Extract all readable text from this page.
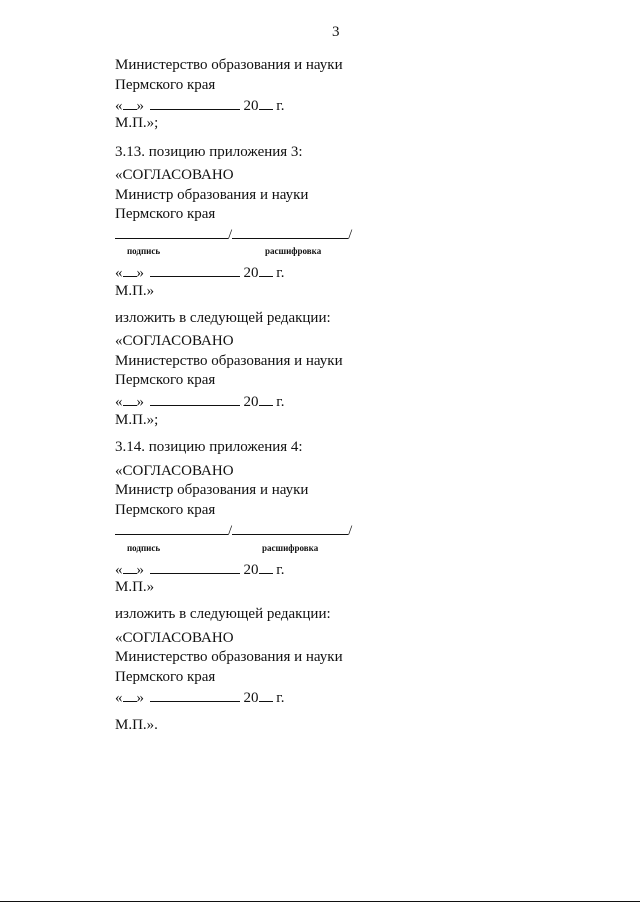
3
Министерство образования и науки
Пермского края
« »	20 г.
М.П.»;
3.13. позицию приложения 3:
«СОГЛАСОВАНО
Министр образования и науки
Пермского края
/	/
подпись	расшифровка
« »	20 г.
М.П.»
изложить в следующей редакции:
«СОГЛАСОВАНО
Министерство образования и науки
Пермского края
« »	20 г.
М.П.»;
3.14. позицию приложения 4:
«СОГЛАСОВАНО
Министр образования и науки
Пермского края
/	/
подпись	расшифровка
« »	20 г.
М.П.»
изложить в следующей редакции:
«СОГЛАСОВАНО
Министерство образования и науки
Пермского края
« »	20 г.
М.П.».
